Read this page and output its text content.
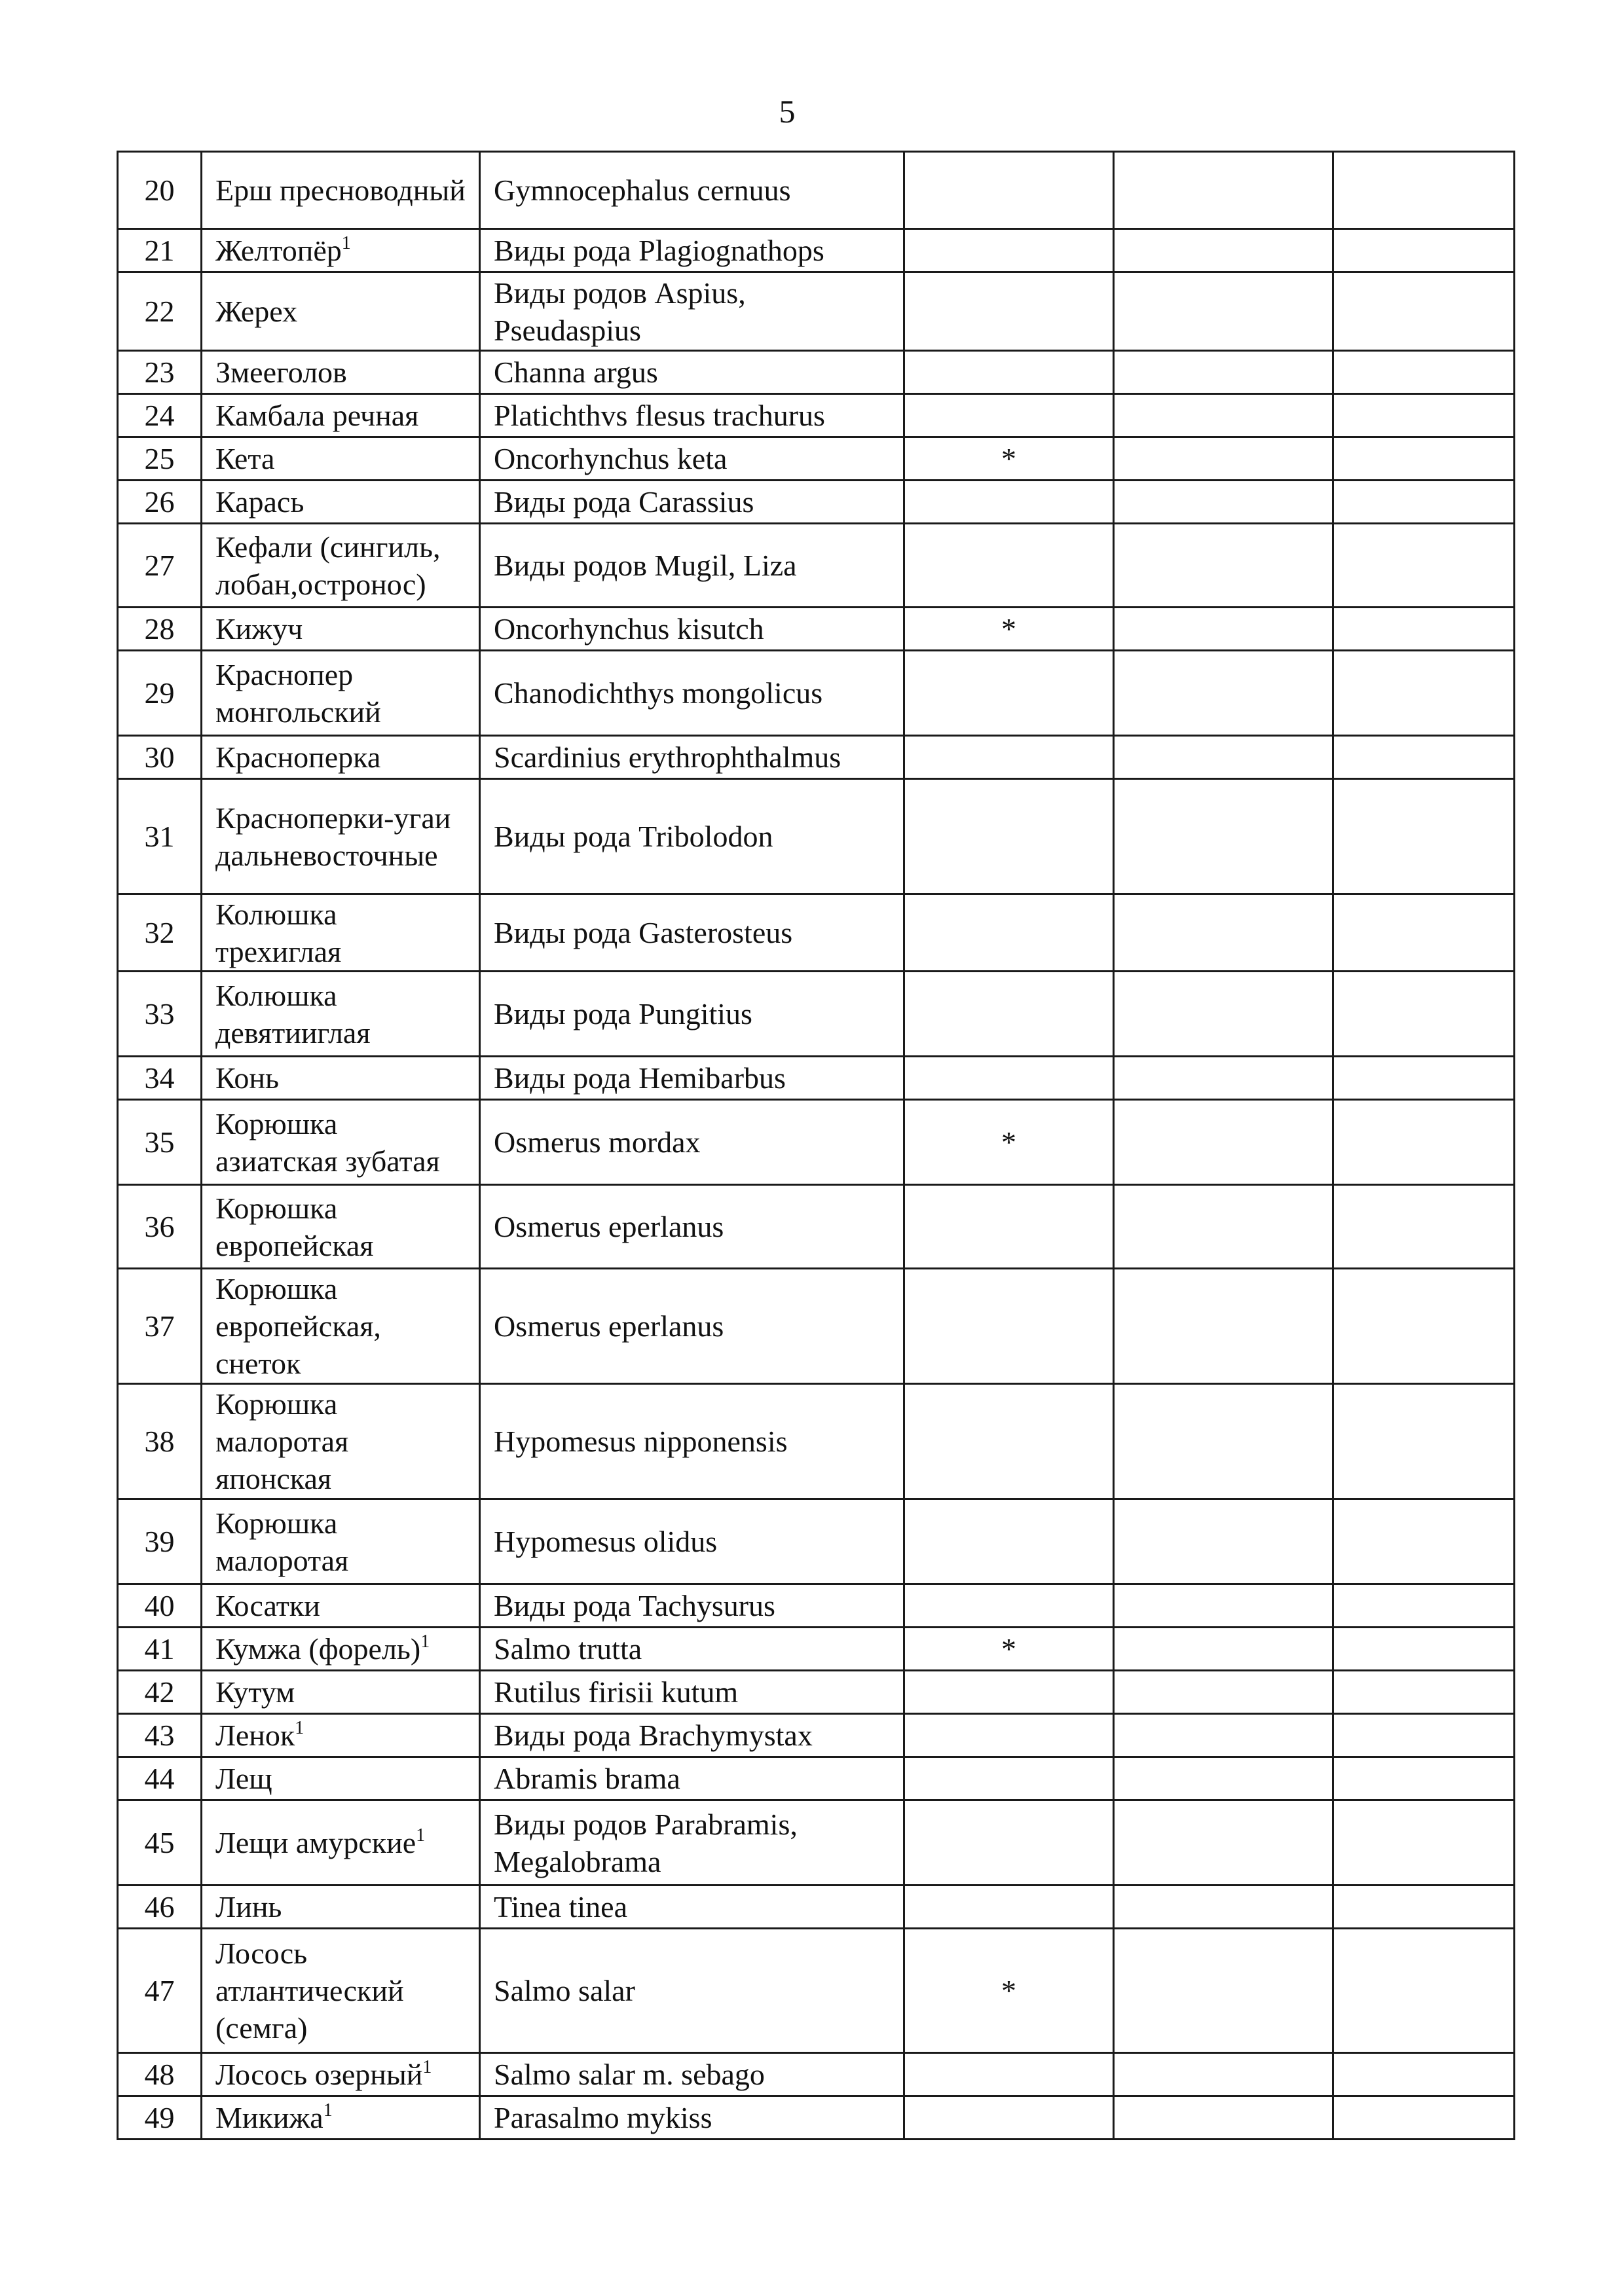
5
20	Ерш пресноводный	Gymnocephalus cernuus			
21	Желтопёр$^1$	Виды рода Plagiognathops			
22	Жерех	Виды родов Aspius, Pseudaspius			
23	Змееголов	Channa argus			
24	Камбала речная	Platichthvs flesus trachurus			
25	Кета	Oncorhynchus keta	*		
26	Карась	Виды рода Carassius			
27	Кефали (сингиль, лобан,остронос)	Виды родов Mugil, Liza			
28	Кижуч	Oncorhynchus kisutch	*		
29	Краснопер монгольский	Chanodichthys mongolicus			
30	Красноперка	Scardinius erythrophthalmus			
31	Красноперки-угаи дальневосточные	Виды рода Tribolodon			
32	Колюшка трехиглая	Виды рода Gasterosteus			
33	Колюшка девятииглая	Виды рода Pungitius			
34	Конь	Виды рода Hemibarbus			
35	Корюшка азиатская зубатая	Osmerus mordax	*		
36	Корюшка европейская	Osmerus eperlanus			
37	Корюшка европейская, снеток	Osmerus eperlanus			
38	Корюшка малоротая японская	Hypomesus nipponensis			
39	Корюшка малоротая	Hypomesus olidus			
40	Косатки	Виды рода Tachysurus			
41	Кумжа (форель)$^1$	Salmo trutta	*		
42	Кутум	Rutilus firisii kutum			
43	Ленок$^1$	Виды рода Brachymystax			
44	Лещ	Abramis brama			
45	Лещи амурские$^1$	Виды родов Parabramis, Megalobrama			
46	Линь	Tinea tinea			
47	Лосось атлантический (семга)	Salmo salar	*		
48	Лосось озерный$^1$	Salmo salar m. sebago			
49	Микижа$^1$	Parasalmo mykiss			
